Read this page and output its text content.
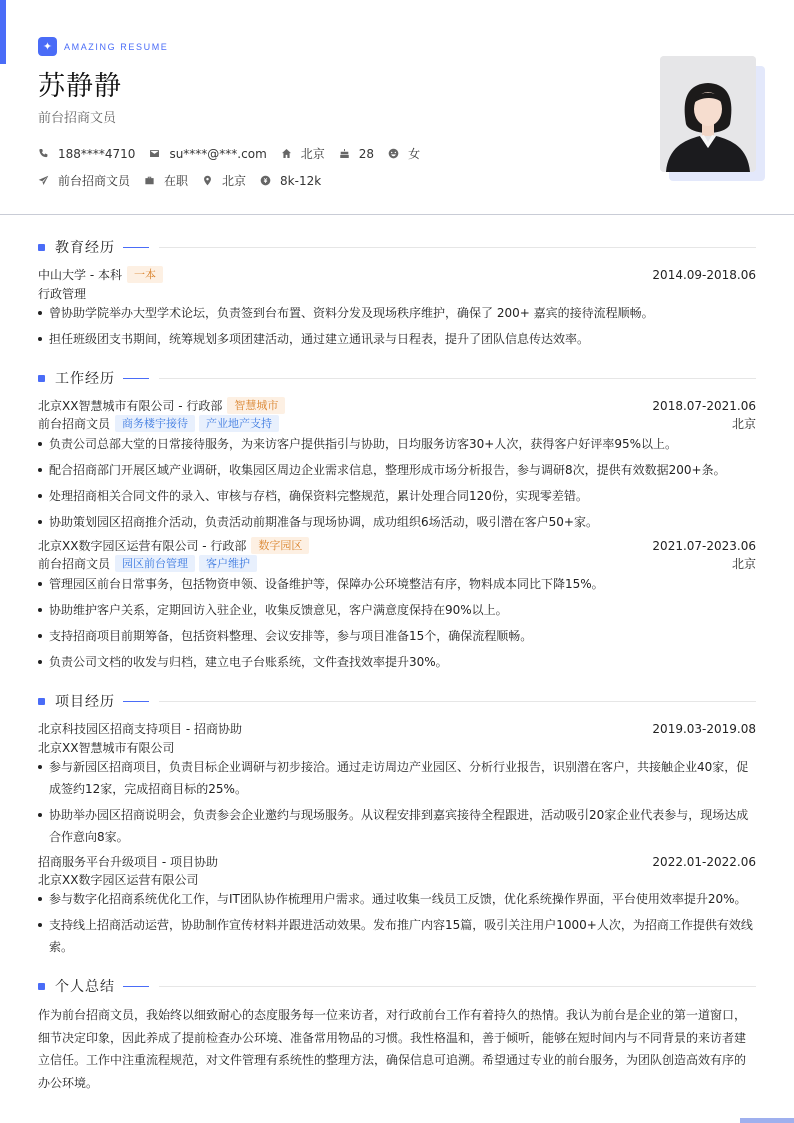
✦	AMAZING RESUME
苏静静
前台招商文员
188****4710	su****@***.com	北京	28	女
前台招商文员	在职	北京	8k-12k
教育经历
中山大学 - 本科	一本	2014.09-2018.06
行政管理
曾协助学院举办大型学术论坛，负责签到台布置、资料分发及现场秩序维护，确保了 200+ 嘉宾的接待流程顺畅。
担任班级团支书期间，统筹规划多项团建活动，通过建立通讯录与日程表，提升了团队信息传达效率。
工作经历
北京XX智慧城市有限公司 - 行政部	智慧城市	2018.07-2021.06
前台招商文员	商务楼宇接待	产业地产支持	北京
负责公司总部大堂的日常接待服务，为来访客户提供指引与协助，日均服务访客30+人次，获得客户好评率95%以上。
配合招商部门开展区域产业调研，收集园区周边企业需求信息，整理形成市场分析报告，参与调研8次，提供有效数据200+条。
处理招商相关合同文件的录入、审核与存档，确保资料完整规范，累计处理合同120份，实现零差错。
协助策划园区招商推介活动，负责活动前期准备与现场协调，成功组织6场活动，吸引潜在客户50+家。
北京XX数字园区运营有限公司 - 行政部	数字园区	2021.07-2023.06
前台招商文员	园区前台管理	客户维护	北京
管理园区前台日常事务，包括物资申领、设备维护等，保障办公环境整洁有序，物料成本同比下降15%。
协助维护客户关系，定期回访入驻企业，收集反馈意见，客户满意度保持在90%以上。
支持招商项目前期筹备，包括资料整理、会议安排等，参与项目准备15个，确保流程顺畅。
负责公司文档的收发与归档，建立电子台账系统，文件查找效率提升30%。
项目经历
北京科技园区招商支持项目 - 招商协助	2019.03-2019.08
北京XX智慧城市有限公司
参与新园区招商项目，负责目标企业调研与初步接洽。通过走访周边产业园区、分析行业报告，识别潜在客户，共接触企业40家，促成签约12家，完成招商目标的25%。
协助举办园区招商说明会，负责参会企业邀约与现场服务。从议程安排到嘉宾接待全程跟进，活动吸引20家企业代表参与，现场达成合作意向8家。
招商服务平台升级项目 - 项目协助	2022.01-2022.06
北京XX数字园区运营有限公司
参与数字化招商系统优化工作，与IT团队协作梳理用户需求。通过收集一线员工反馈，优化系统操作界面，平台使用效率提升20%。
支持线上招商活动运营，协助制作宣传材料并跟进活动效果。发布推广内容15篇，吸引关注用户1000+人次，为招商工作提供有效线索。
个人总结
作为前台招商文员，我始终以细致耐心的态度服务每一位来访者，对行政前台工作有着持久的热情。我认为前台是企业的第一道窗口，细节决定印象，因此养成了提前检查办公环境、准备常用物品的习惯。我性格温和，善于倾听，能够在短时间内与不同背景的来访者建立信任。工作中注重流程规范，对文件管理有系统性的整理方法，确保信息可追溯。希望通过专业的前台服务，为团队创造高效有序的办公环境。
